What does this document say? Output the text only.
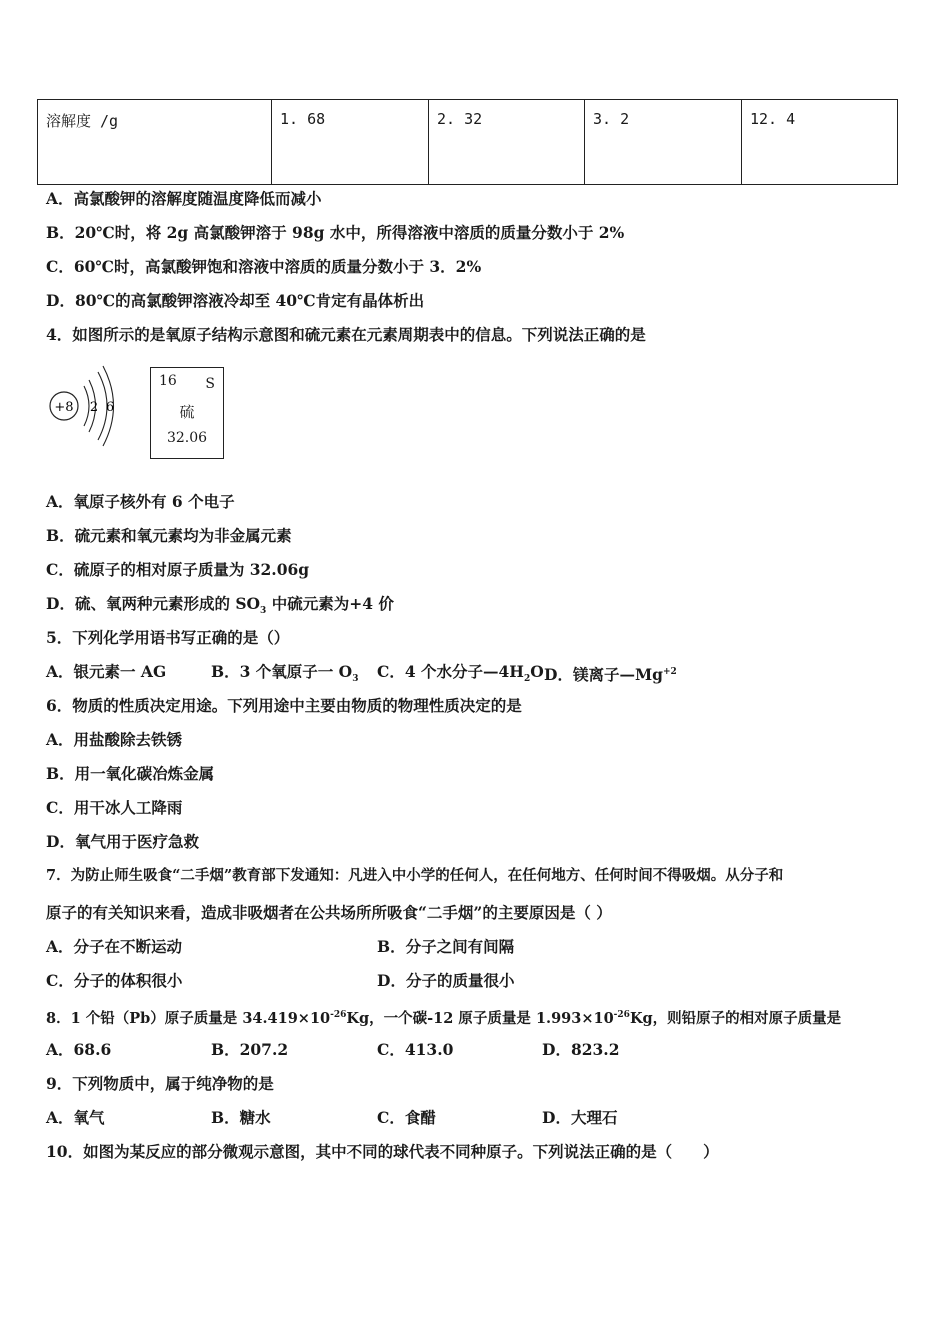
溶解度 /g	1. 68	2. 32	3. 2	12. 4
A．高氯酸钾的溶解度随温度降低而减小
B．20℃时，将 2g 高氯酸钾溶于 98g 水中，所得溶液中溶质的质量分数小于 2%
C．60℃时，高氯酸钾饱和溶液中溶质的质量分数小于 3．2%
D．80℃的高氯酸钾溶液冷却至 40℃肯定有晶体析出
4．如图所示的是氧原子结构示意图和硫元素在元素周期表中的信息。下列说法正确的是
+8 2 6
16 S
硫
32.06
A．氧原子核外有 6 个电子
B．硫元素和氧元素均为非金属元素
C．硫原子的相对原子质量为 32.06g
D．硫、氧两种元素形成的 $SO_3$ 中硫元素为+4 价
5．下列化学用语书写正确的是（）
A．银元素一 AG	B．3 个氧原子一 $O_3$ C．4 个水分子$—4H_2O$ D．镁离子$—Mg^{+2}$
6．物质的性质决定用途。下列用途中主要由物质的物理性质决定的是
A．用盐酸除去铁锈
B．用一氧化碳冶炼金属
C．用干冰人工降雨
D．氧气用于医疗急救
7．为防止师生吸食“二手烟”教育部下发通知：凡进入中小学的任何人，在任何地方、任何时间不得吸烟。从分子和
原子的有关知识来看，造成非吸烟者在公共场所所吸食“二手烟”的主要原因是（ ）
A．分子在不断运动	B．分子之间有间隔
C．分子的体积很小	D．分子的质量很小
8．1 个铅（Pb）原子质量是 $34.419\times 10^{-26}Kg$，一个碳-12 原子质量是 $1.993\times 10^{-26}Kg$，则铅原子的相对原子质量是
A．68.6	B．207.2	C．413.0	D．823.2
9．下列物质中，属于纯净物的是
A．氧气	B．糖水	C．食醋	D．大理石
10．如图为某反应的部分微观示意图，其中不同的球代表不同种原子。下列说法正确的是（　　）
